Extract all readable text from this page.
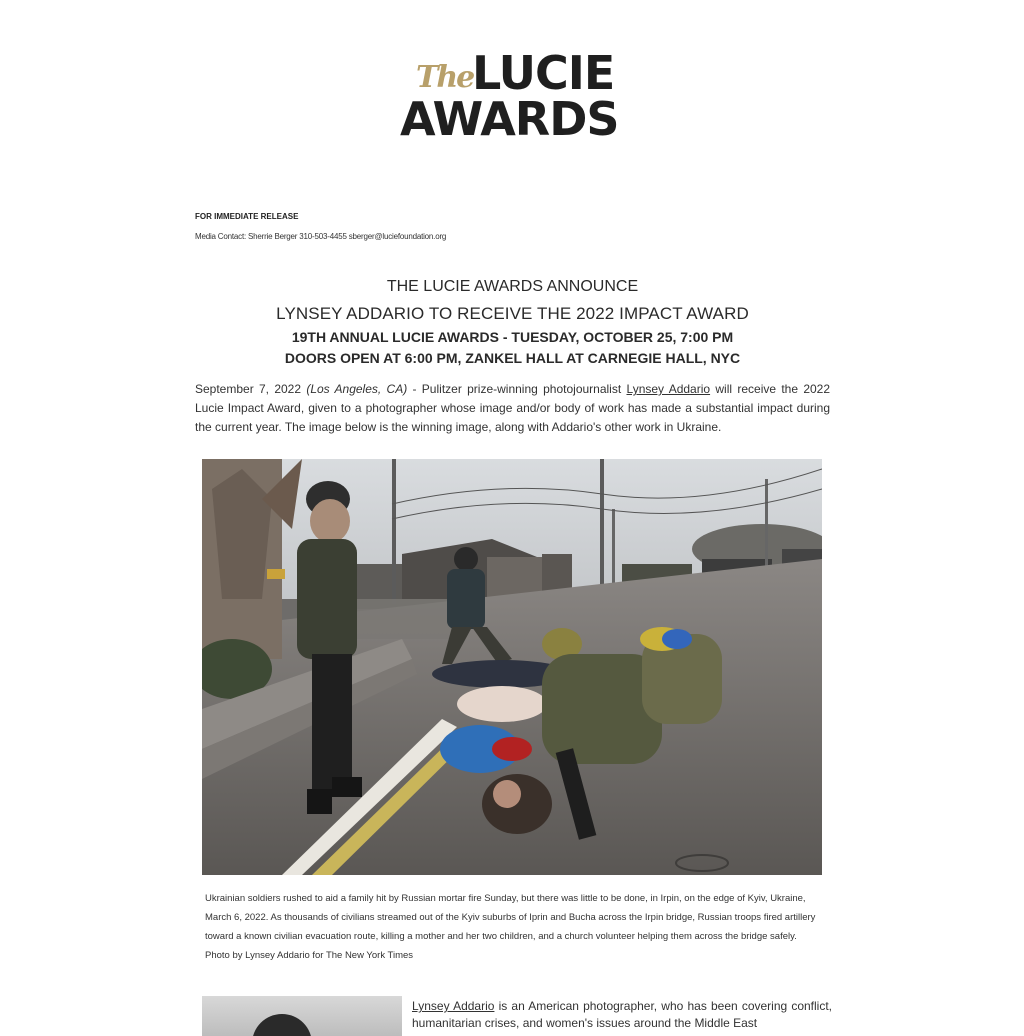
The
LUCIE
AWARDS
FOR IMMEDIATE RELEASE
Media Contact: Sherrie Berger 310-503-4455 sberger@luciefoundation.org
THE LUCIE AWARDS ANNOUNCE
LYNSEY ADDARIO TO RECEIVE THE 2022 IMPACT AWARD
19TH ANNUAL LUCIE AWARDS - TUESDAY, OCTOBER 25, 7:00 PM
DOORS OPEN AT 6:00 PM, ZANKEL HALL AT CARNEGIE HALL, NYC
September 7, 2022 (Los Angeles, CA) - Pulitzer prize-winning photojournalist Lynsey Addario will receive the 2022 Lucie Impact Award, given to a photographer whose image and/or body of work has made a substantial impact during the current year. The image below is the winning image, along with Addario's other work in Ukraine.
Ukrainian soldiers rushed to aid a family hit by Russian mortar fire Sunday, but there was little to be done, in Irpin, on the edge of Kyiv, Ukraine, March 6, 2022. As thousands of civilians streamed out of the Kyiv suburbs of Iprin and Bucha across the Irpin bridge, Russian troops fired artillery toward a known civilian evacuation route, killing a mother and her two children, and a church volunteer helping them across the bridge safely. Photo by Lynsey Addario for The New York Times
Lynsey Addario is an American photographer, who has been covering conflict, humanitarian crises, and women's issues around the Middle East
